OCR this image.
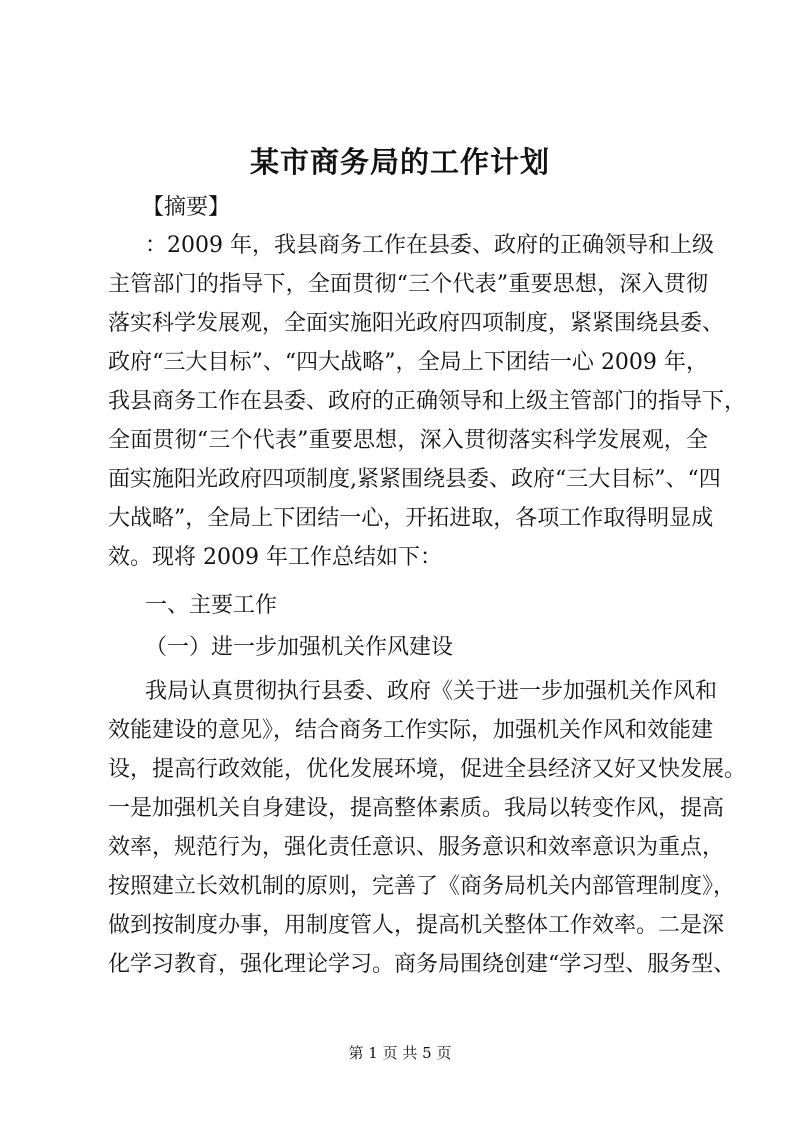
某市商务局的工作计划

【摘要】

：2009 年，我县商务工作在县委、政府的正确领导和上级
主管部门的指导下，全面贯彻“三个代表”重要思想，深入贯彻
落实科学发展观，全面实施阳光政府四项制度，紧紧围绕县委、
政府“三大目标”、“四大战略”，全局上下团结一心 2009 年，
我县商务工作在县委、政府的正确领导和上级主管部门的指导下，
全面贯彻“三个代表”重要思想，深入贯彻落实科学发展观，全
面实施阳光政府四项制度,紧紧围绕县委、政府“三大目标”、“四
大战略”，全局上下团结一心，开拓进取，各项工作取得明显成
效。现将 2009 年工作总结如下：
一、主要工作
（一）进一步加强机关作风建设
我局认真贯彻执行县委、政府《关于进一步加强机关作风和
效能建设的意见》，结合商务工作实际，加强机关作风和效能建
设，提高行政效能，优化发展环境，促进全县经济又好又快发展。
一是加强机关自身建设，提高整体素质。我局以转变作风，提高
效率，规范行为，强化责任意识、服务意识和效率意识为重点，
按照建立长效机制的原则，完善了《商务局机关内部管理制度》，
做到按制度办事，用制度管人，提高机关整体工作效率。二是深
化学习教育，强化理论学习。商务局围绕创建“学习型、服务型、

第 1 页 共 5 页
